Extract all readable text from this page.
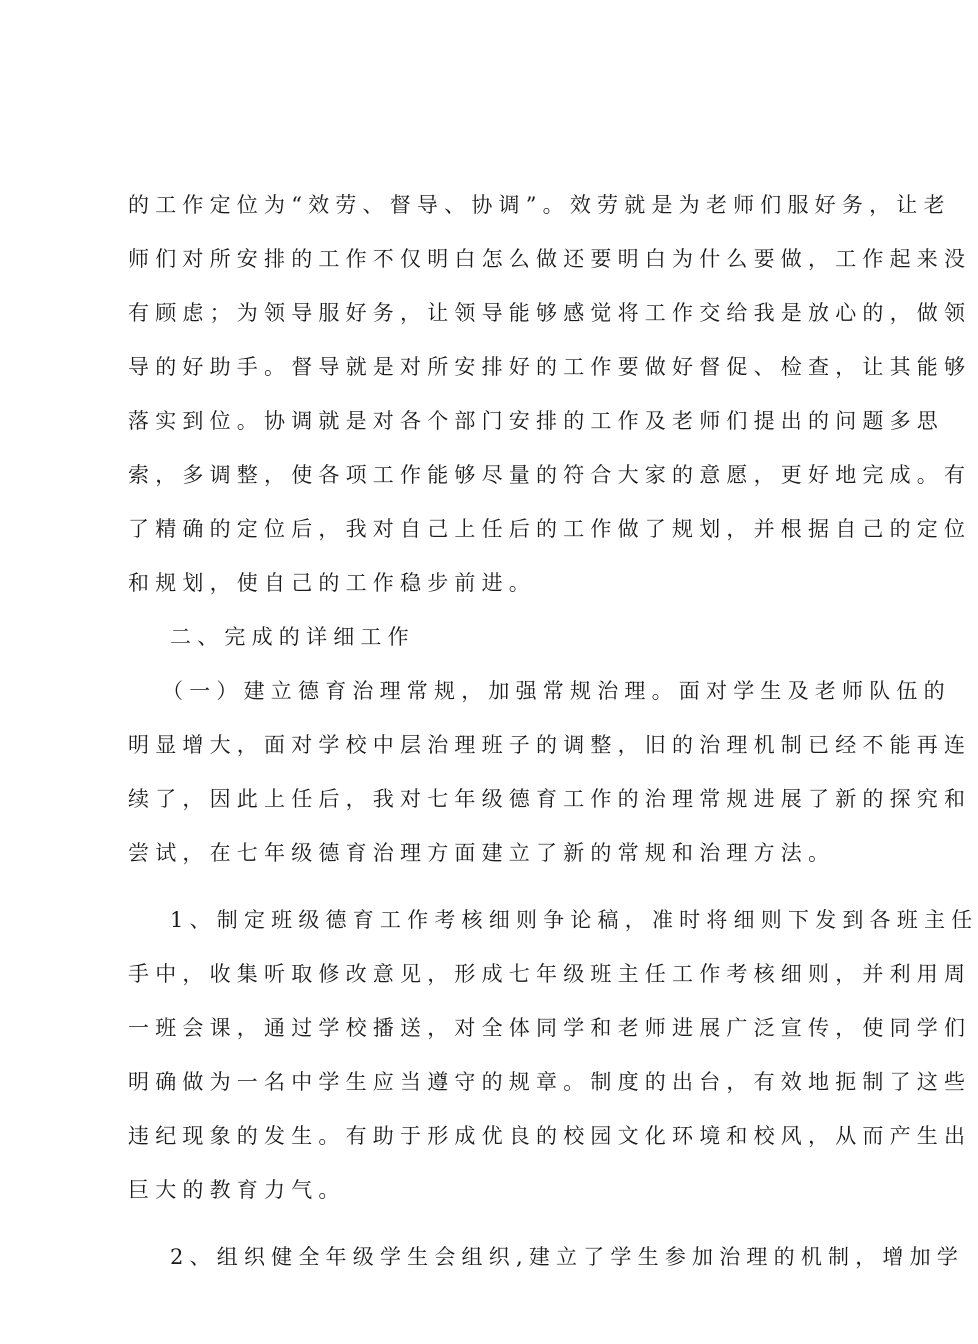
的工作定位为“效劳、督导、协调”。效劳就是为老师们服好务，让老
师们对所安排的工作不仅明白怎么做还要明白为什么要做，工作起来没
有顾虑；为领导服好务，让领导能够感觉将工作交给我是放心的，做领
导的好助手。督导就是对所安排好的工作要做好督促、检查，让其能够
落实到位。协调就是对各个部门安排的工作及老师们提出的问题多思
索，多调整，使各项工作能够尽量的符合大家的意愿，更好地完成。有
了精确的定位后，我对自己上任后的工作做了规划，并根据自己的定位
和规划，使自己的工作稳步前进。
二、完成的详细工作
（一）建立德育治理常规，加强常规治理。面对学生及老师队伍的
明显增大，面对学校中层治理班子的调整，旧的治理机制已经不能再连
续了，因此上任后，我对七年级德育工作的治理常规进展了新的探究和
尝试，在七年级德育治理方面建立了新的常规和治理方法。
1、制定班级德育工作考核细则争论稿，准时将细则下发到各班主任
手中，收集听取修改意见，形成七年级班主任工作考核细则，并利用周
一班会课，通过学校播送，对全体同学和老师进展广泛宣传，使同学们
明确做为一名中学生应当遵守的规章。制度的出台，有效地扼制了这些
违纪现象的发生。有助于形成优良的校园文化环境和校风，从而产生出
巨大的教育力气。
2、组织健全年级学生会组织,建立了学生参加治理的机制，增加学
